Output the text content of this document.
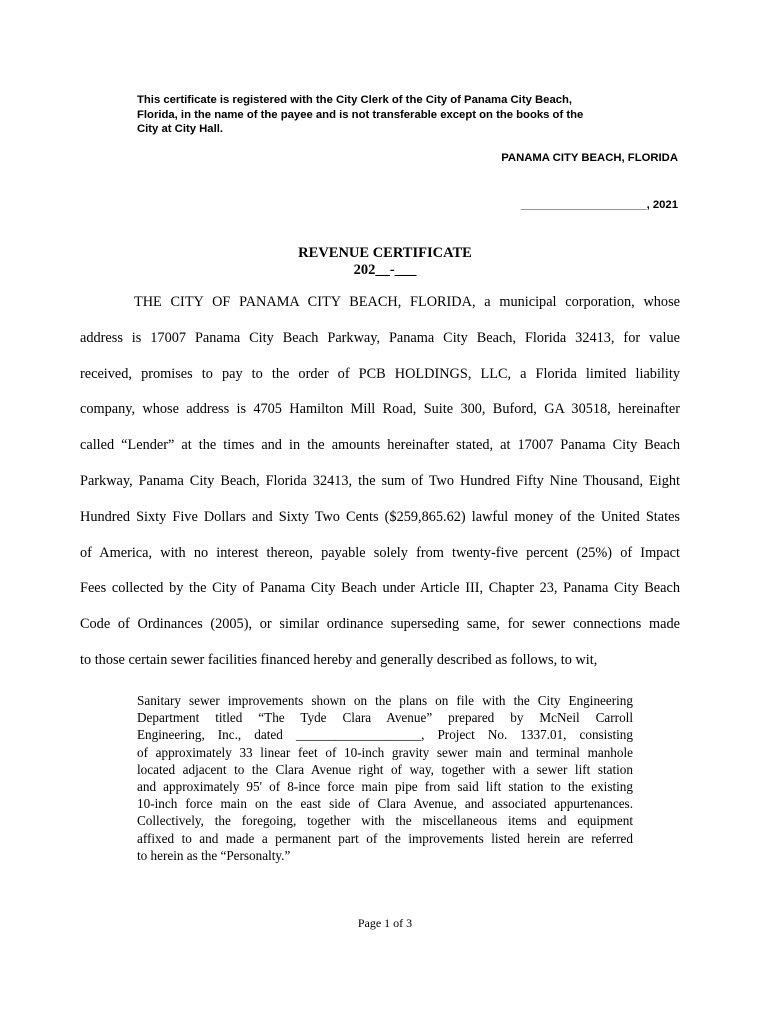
This certificate is registered with the City Clerk of the City of Panama City Beach,
Florida, in the name of the payee and is not transferable except on the books of the
City at City Hall.
PANAMA CITY BEACH, FLORIDA
____________________, 2021
REVENUE CERTIFICATE
202__-___
THE CITY OF PANAMA CITY BEACH, FLORIDA, a municipal corporation, whose
address is 17007 Panama City Beach Parkway, Panama City Beach, Florida 32413, for value
received, promises to pay to the order of PCB HOLDINGS, LLC, a Florida limited liability
company, whose address is 4705 Hamilton Mill Road, Suite 300, Buford, GA 30518, hereinafter
called “Lender” at the times and in the amounts hereinafter stated, at 17007 Panama City Beach
Parkway, Panama City Beach, Florida 32413, the sum of Two Hundred Fifty Nine Thousand, Eight
Hundred Sixty Five Dollars and Sixty Two Cents ($259,865.62) lawful money of the United States
of America, with no interest thereon, payable solely from twenty-five percent (25%) of Impact
Fees collected by the City of Panama City Beach under Article III, Chapter 23, Panama City Beach
Code of Ordinances (2005), or similar ordinance superseding same, for sewer connections made
to those certain sewer facilities financed hereby and generally described as follows, to wit,
Sanitary sewer improvements shown on the plans on file with the City Engineering
Department titled “The Tyde Clara Avenue” prepared by McNeil Carroll
Engineering, Inc., dated ___________________, Project No. 1337.01, consisting
of approximately 33 linear feet of 10-inch gravity sewer main and terminal manhole
located adjacent to the Clara Avenue right of way, together with a sewer lift station
and approximately 95' of 8-ince force main pipe from said lift station to the existing
10-inch force main on the east side of Clara Avenue, and associated appurtenances.
Collectively, the foregoing, together with the miscellaneous items and equipment
affixed to and made a permanent part of the improvements listed herein are referred
to herein as the “Personalty.”
Page 1 of 3
